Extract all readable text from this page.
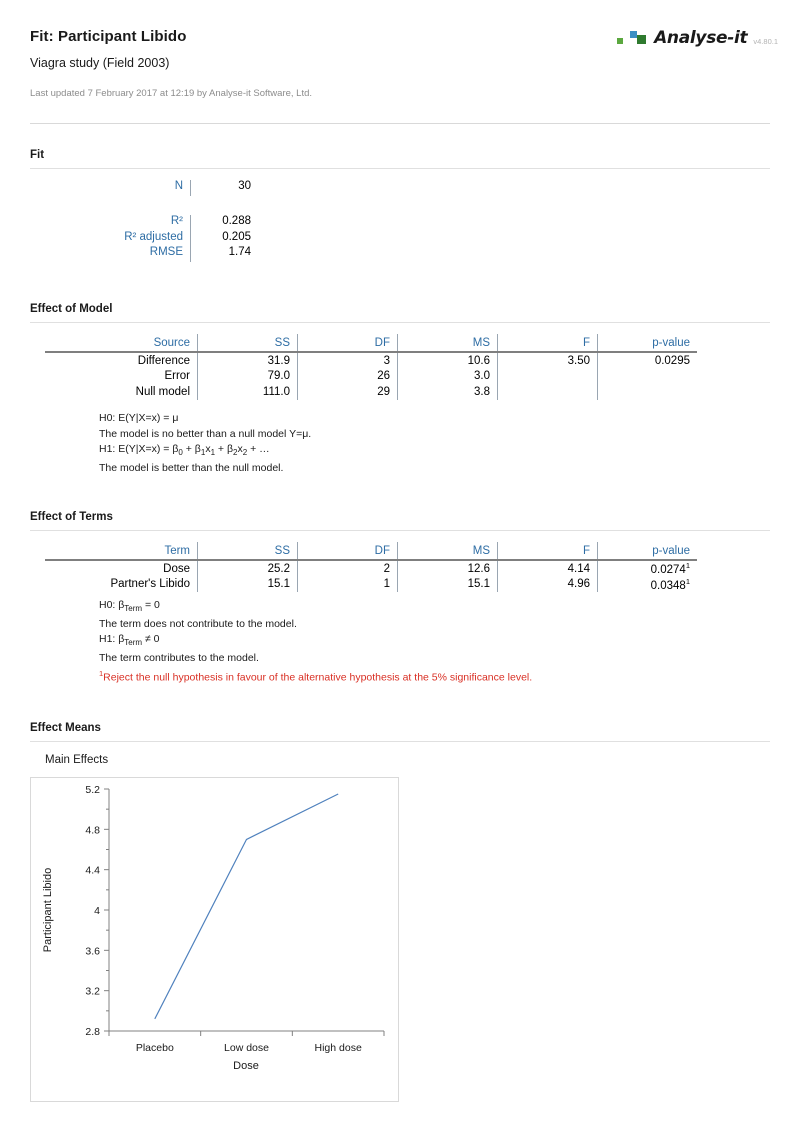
Fit: Participant Libido
Viagra study (Field 2003)
Last updated 7 February 2017 at 12:19 by Analyse-it Software, Ltd.
Analyse-it v4.80.1
Fit
N	30
R²	0.288
R² adjusted	0.205
RMSE	1.74
Effect of Model
Source	SS	DF	MS	F	p-value
Difference	31.9	3	10.6	3.50	0.0295
Error	79.0	26	3.0		
Null model	111.0	29	3.8		
H0: E(Y|X=x) = μ
The model is no better than a null model Y=μ.
H1: $E(Y|X=x) = \beta_0 + \beta_1x_1 + \beta_2x_2$ + …
The model is better than the null model.
Effect of Terms
Term	SS	DF	MS	F	p-value
Dose	25.2	2	12.6	4.14	0.0274$^1$
Partner's Libido	15.1	1	15.1	4.96	0.0348$^1$
H0: $\beta_{Term} = 0$
The term does not contribute to the model.
H1: $\beta_{Term} \ne 0$
The term contributes to the model.
$^1$Reject the null hypothesis in favour of the alternative hypothesis at the 5% significance level.
Effect Means
Main Effects
5.2
4.8
4.4
4
3.6
3.2
2.8
Placebo	Low dose	High dose
Participant Libido
Dose
